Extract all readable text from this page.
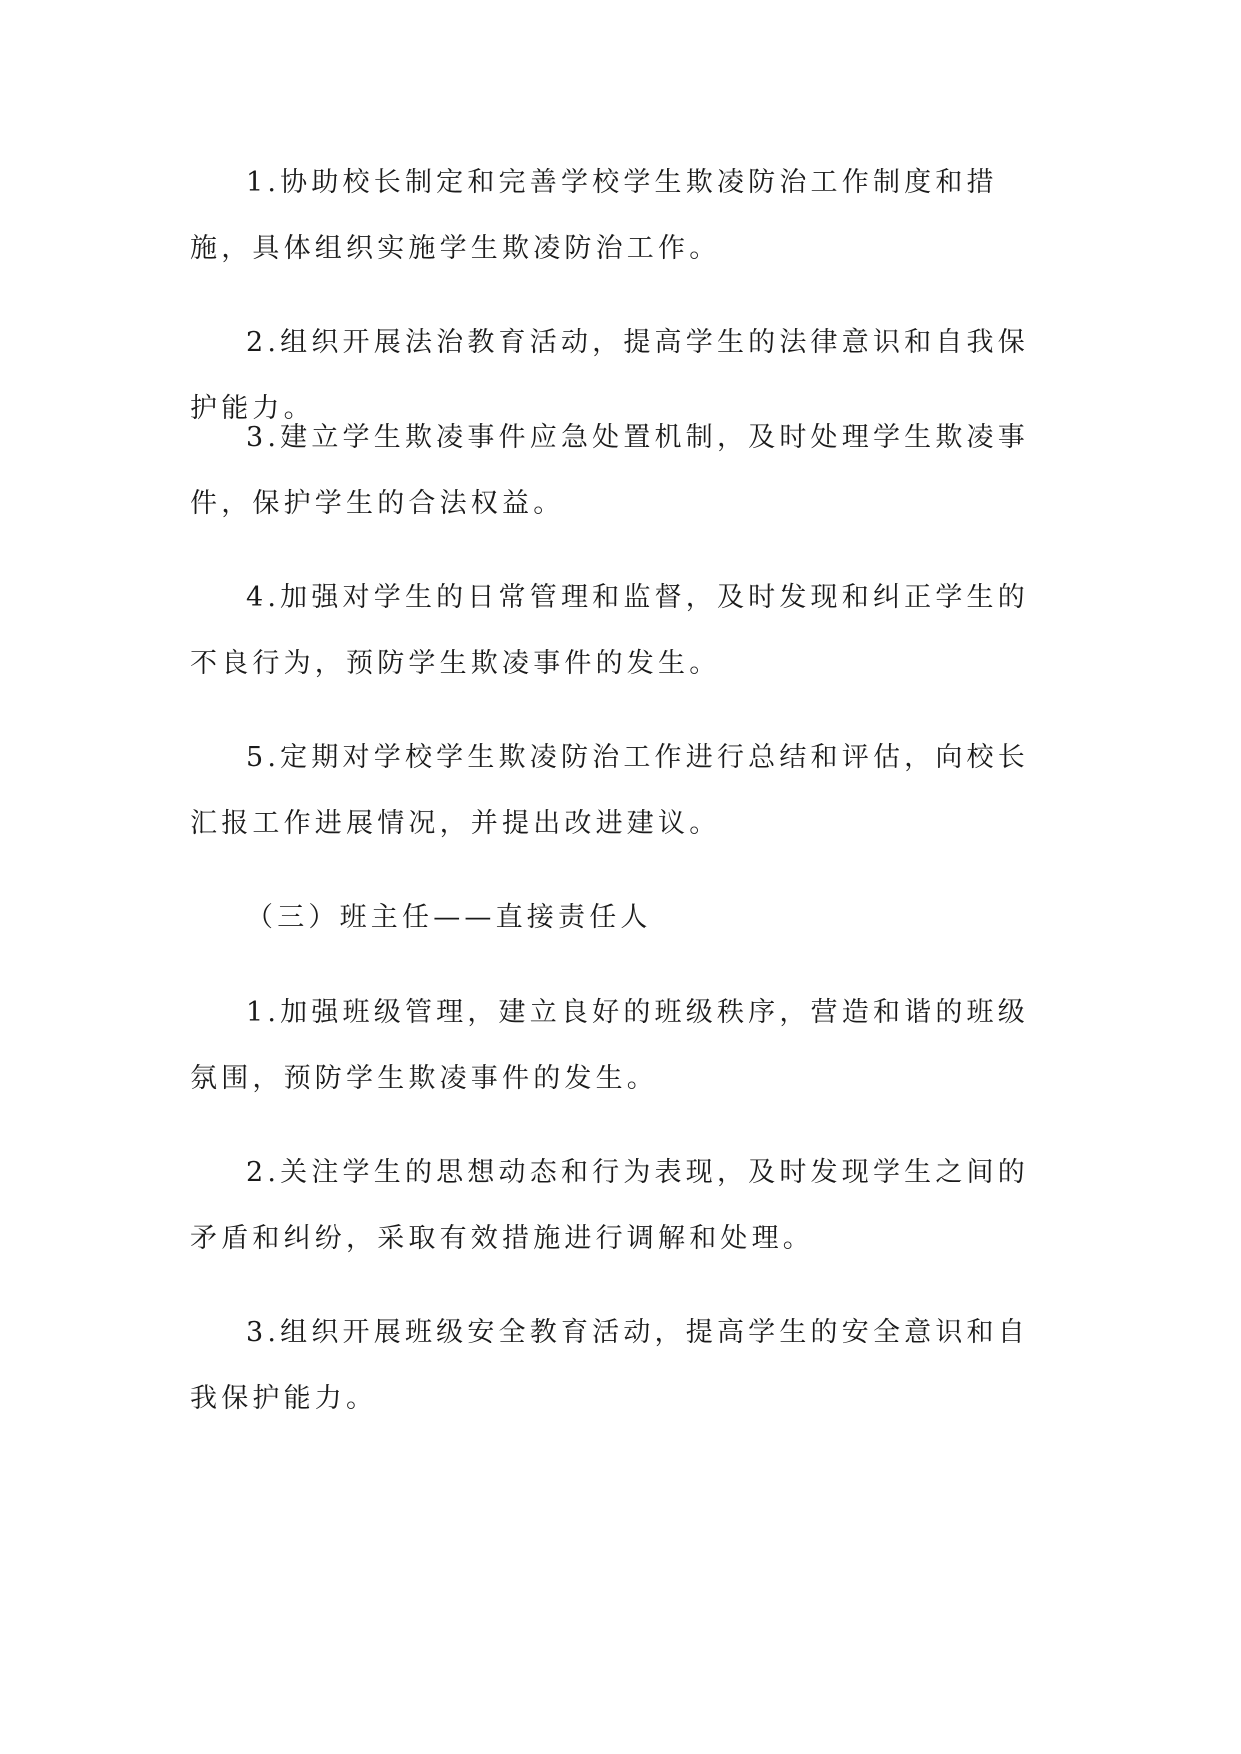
1.协助校长制定和完善学校学生欺凌防治工作制度和措施，具体组织实施学生欺凌防治工作。

2.组织开展法治教育活动，提高学生的法律意识和自我保护能力。

3.建立学生欺凌事件应急处置机制，及时处理学生欺凌事件，保护学生的合法权益。

4.加强对学生的日常管理和监督，及时发现和纠正学生的不良行为，预防学生欺凌事件的发生。

5.定期对学校学生欺凌防治工作进行总结和评估，向校长汇报工作进展情况，并提出改进建议。

（三）班主任——直接责任人

1.加强班级管理，建立良好的班级秩序，营造和谐的班级氛围，预防学生欺凌事件的发生。

2.关注学生的思想动态和行为表现，及时发现学生之间的矛盾和纠纷，采取有效措施进行调解和处理。

3.组织开展班级安全教育活动，提高学生的安全意识和自我保护能力。
